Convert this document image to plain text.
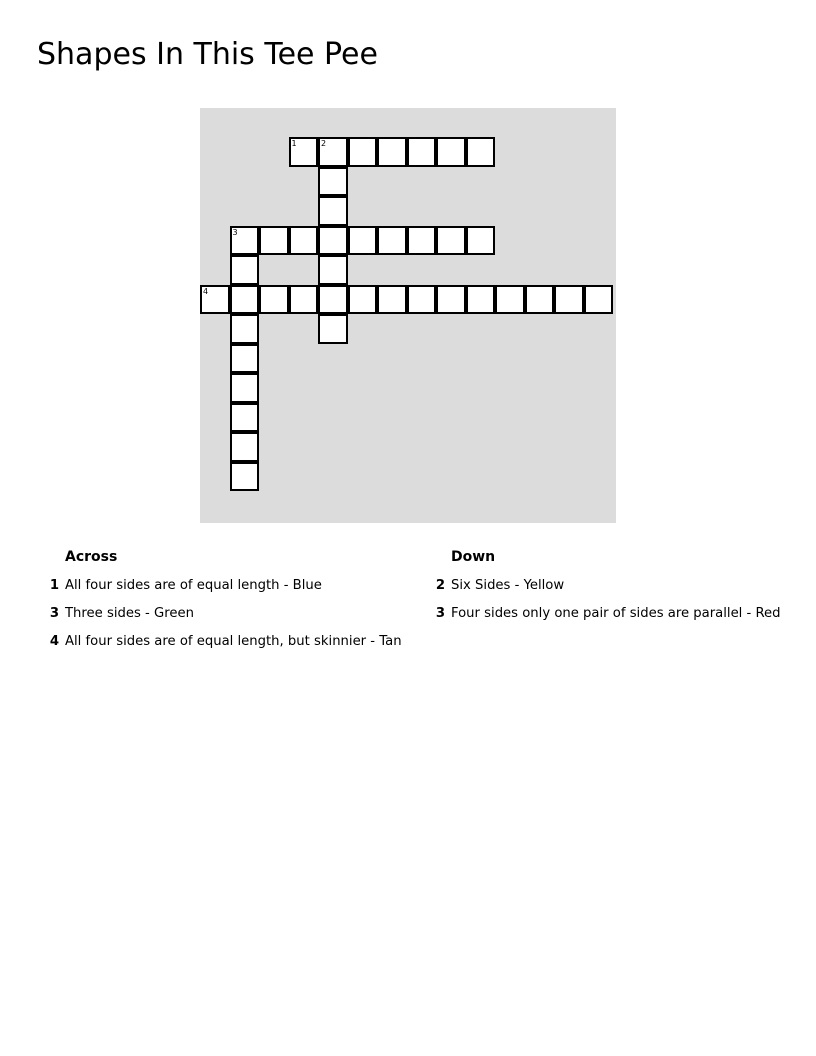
Shapes In This Tee Pee
1	2
3
4
Across
1 All four sides are of equal length - Blue
3 Three sides - Green
4 All four sides are of equal length, but skinnier - Tan
Down
2 Six Sides - Yellow
3 Four sides only one pair of sides are parallel - Red
